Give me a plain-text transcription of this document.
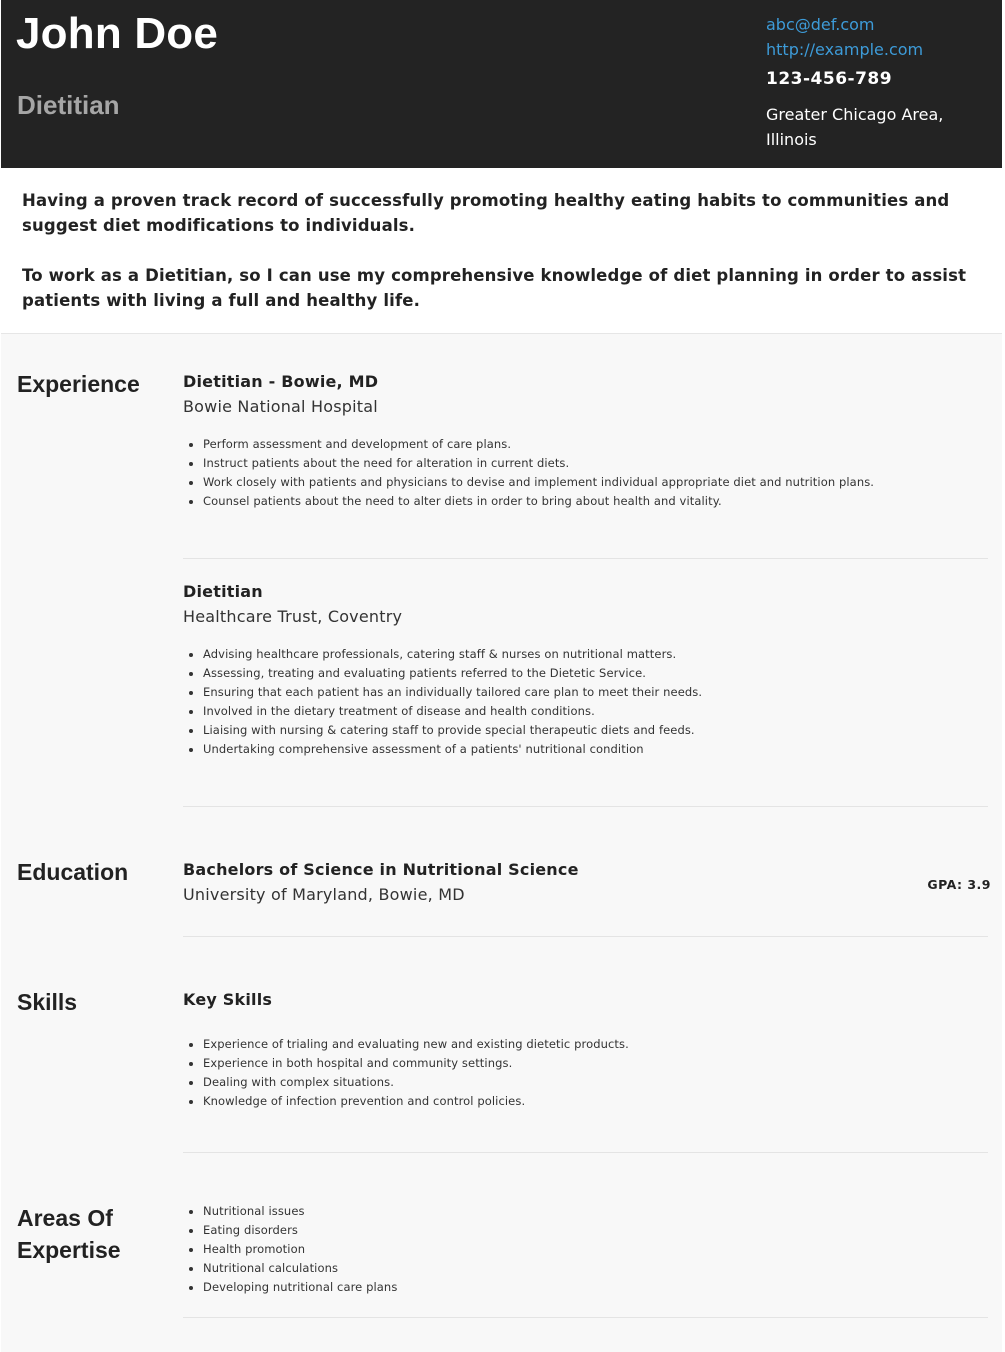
John Doe
Dietitian
abc@def.com
http://example.com
123-456-789
Greater Chicago Area,
Illinois

Having a proven track record of successfully promoting healthy eating habits to communities and suggest diet modifications to individuals.

To work as a Dietitian, so I can use my comprehensive knowledge of diet planning in order to assist patients with living a full and healthy life.

Experience	Dietitian - Bowie, MD
Bowie National Hospital
• Perform assessment and development of care plans.
• Instruct patients about the need for alteration in current diets.
• Work closely with patients and physicians to devise and implement individual appropriate diet and nutrition plans.
• Counsel patients about the need to alter diets in order to bring about health and vitality.
Dietitian
Healthcare Trust, Coventry
• Advising healthcare professionals, catering staff & nurses on nutritional matters.
• Assessing, treating and evaluating patients referred to the Dietetic Service.
• Ensuring that each patient has an individually tailored care plan to meet their needs.
• Involved in the dietary treatment of disease and health conditions.
• Liaising with nursing & catering staff to provide special therapeutic diets and feeds.
• Undertaking comprehensive assessment of a patients' nutritional condition
Education	Bachelors of Science in Nutritional Science
University of Maryland, Bowie, MD
GPA: 3.9
Skills	Key Skills
• Experience of trialing and evaluating new and existing dietetic products.
• Experience in both hospital and community settings.
• Dealing with complex situations.
• Knowledge of infection prevention and control policies.
Areas Of
Expertise
• Nutritional issues
• Eating disorders
• Health promotion
• Nutritional calculations
• Developing nutritional care plans
